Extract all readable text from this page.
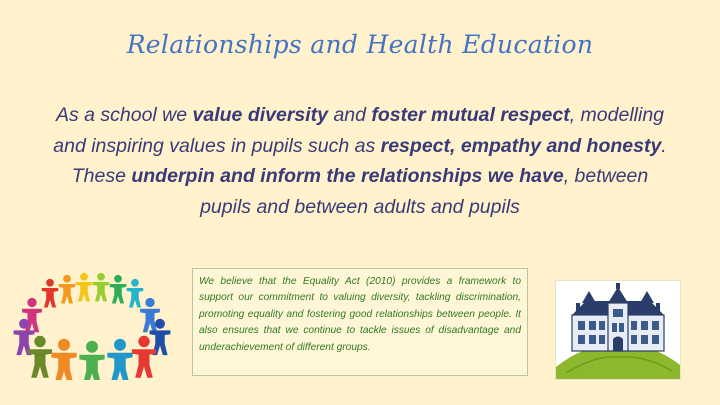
Relationships and Health Education
As a school we value diversity and foster mutual respect, modelling and inspiring values in pupils such as respect, empathy and honesty. These underpin and inform the relationships we have, between pupils and between adults and pupils

We believe that the Equality Act (2010) provides a framework to support our commitment to valuing diversity, tackling discrimination, promoting equality and fostering good relationships between people. It also ensures that we continue to tackle issues of disadvantage and underachievement of different groups.
